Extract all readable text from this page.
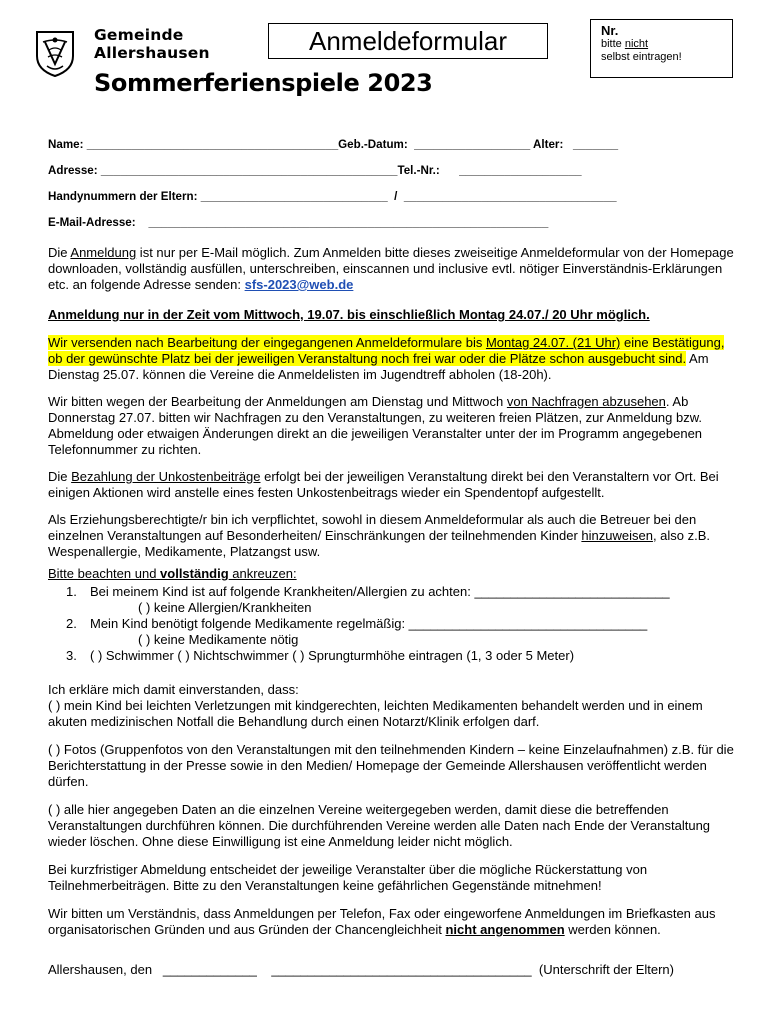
Gemeinde
Allershausen	Anmeldeformular	Nr.
bitte nicht
selbst eintragen!
Sommerferienspiele 2023
Name: _______________________________________Geb.-Datum: __________________ Alter: _______
Adresse: ______________________________________________Tel.-Nr.: ___________________
Handynummern der Eltern: _____________________________ / _________________________________
E-Mail-Adresse: ______________________________________________________________

Die Anmeldung ist nur per E-Mail möglich. Zum Anmelden bitte dieses zweiseitige Anmeldeformular von der Homepage downloaden, vollständig ausfüllen, unterschreiben, einscannen und inclusive evtl. nötiger Einverständnis-Erklärungen etc. an folgende Adresse senden: sfs-2023@web.de

Anmeldung nur in der Zeit vom Mittwoch, 19.07. bis einschließlich Montag 24.07./ 20 Uhr möglich.

Wir versenden nach Bearbeitung der eingegangenen Anmeldeformulare bis Montag 24.07. (21 Uhr) eine Bestätigung, ob der gewünschte Platz bei der jeweiligen Veranstaltung noch frei war oder die Plätze schon ausgebucht sind. Am Dienstag 25.07. können die Vereine die Anmeldelisten im Jugendtreff abholen (18-20h).

Wir bitten wegen der Bearbeitung der Anmeldungen am Dienstag und Mittwoch von Nachfragen abzusehen. Ab Donnerstag 27.07. bitten wir Nachfragen zu den Veranstaltungen, zu weiteren freien Plätzen, zur Anmeldung bzw. Abmeldung oder etwaigen Änderungen direkt an die jeweiligen Veranstalter unter der im Programm angegebenen Telefonnummer zu richten.

Die Bezahlung der Unkostenbeiträge erfolgt bei der jeweiligen Veranstaltung direkt bei den Veranstaltern vor Ort. Bei einigen Aktionen wird anstelle eines festen Unkostenbeitrags wieder ein Spendentopf aufgestellt.

Als Erziehungsberechtigte/r bin ich verpflichtet, sowohl in diesem Anmeldeformular als auch die Betreuer bei den einzelnen Veranstaltungen auf Besonderheiten/ Einschränkungen der teilnehmenden Kinder hinzuweisen, also z.B. Wespenallergie, Medikamente, Platzangst usw.

Bitte beachten und vollständig ankreuzen:

1. Bei meinem Kind ist auf folgende Krankheiten/Allergien zu achten: ___________________________
( ) keine Allergien/Krankheiten
2. Mein Kind benötigt folgende Medikamente regelmäßig: _________________________________
( ) keine Medikamente nötig
3. ( ) Schwimmer ( ) Nichtschwimmer ( ) Sprungturmhöhe eintragen (1, 3 oder 5 Meter)

Ich erkläre mich damit einverstanden, dass:

( ) mein Kind bei leichten Verletzungen mit kindgerechten, leichten Medikamenten behandelt werden und in einem akuten medizinischen Notfall die Behandlung durch einen Notarzt/Klinik erfolgen darf.

( ) Fotos (Gruppenfotos von den Veranstaltungen mit den teilnehmenden Kindern – keine Einzelaufnahmen) z.B. für die Berichterstattung in der Presse sowie in den Medien/ Homepage der Gemeinde Allershausen veröffentlicht werden dürfen.

( ) alle hier angegeben Daten an die einzelnen Vereine weitergegeben werden, damit diese die betreffenden Veranstaltungen durchführen können. Die durchführenden Vereine werden alle Daten nach Ende der Veranstaltung wieder löschen. Ohne diese Einwilligung ist eine Anmeldung leider nicht möglich.

Bei kurzfristiger Abmeldung entscheidet der jeweilige Veranstalter über die mögliche Rückerstattung von Teilnehmerbeiträgen. Bitte zu den Veranstaltungen keine gefährlichen Gegenstände mitnehmen!

Wir bitten um Verständnis, dass Anmeldungen per Telefon, Fax oder eingeworfene Anmeldungen im Briefkasten aus organisatorischen Gründen und aus Gründen der Chancengleichheit nicht angenommen werden können.

Allershausen, den _____________ ____________________________________ (Unterschrift der Eltern)
